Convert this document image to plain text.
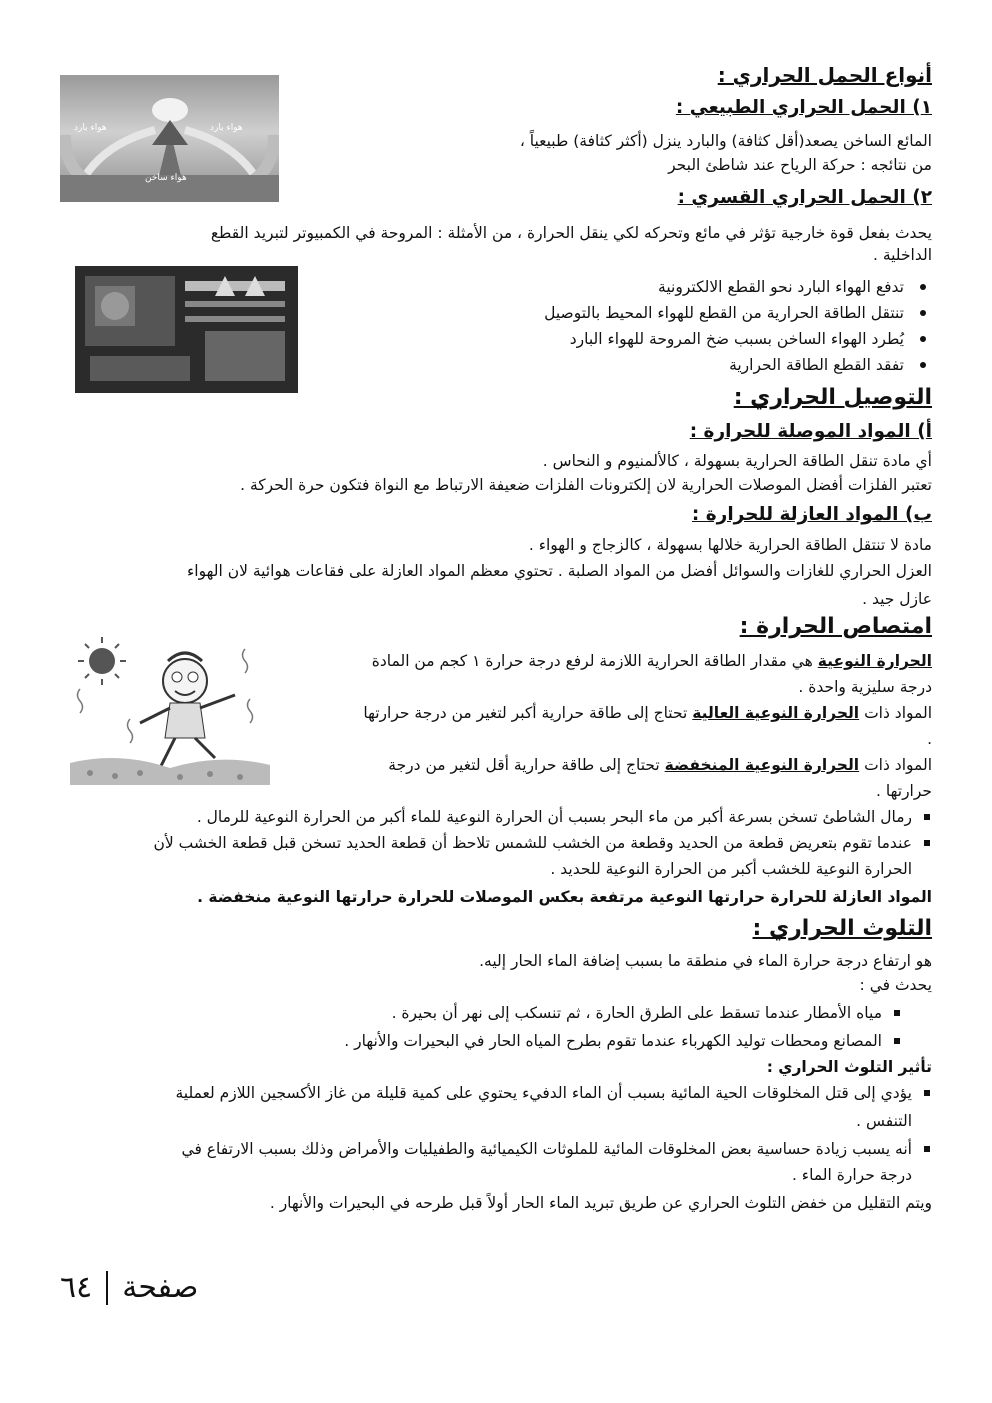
أنواع الحمل الحراري :
١) الحمل الحراري الطبيعي :
المائع الساخن يصعد(أقل كثافة) والبارد ينزل (أكثر كثافة) طبيعياً ،
من نتائجه : حركة الرياح عند شاطئ البحر
هواء بارد	هواء بارد
هواء ساخن
٢) الحمل الحراري القسري :
يحدث بفعل قوة خارجية تؤثر في مائع وتحركه لكي ينقل الحرارة ، من الأمثلة : المروحة في الكمبيوتر لتبريد القطع
الداخلية .
تدفع الهواء البارد نحو القطع الالكترونية
تنتقل الطاقة الحرارية من القطع للهواء المحيط بالتوصيل
يُطرد الهواء الساخن بسبب ضخ المروحة للهواء البارد
تفقد القطع الطاقة الحرارية
التوصيل الحراري :
أ) المواد الموصلة للحرارة :
أي مادة تنقل الطاقة الحرارية بسهولة ، كالألمنيوم و النحاس .
تعتبر الفلزات أفضل الموصلات الحرارية لان إلكترونات الفلزات ضعيفة الارتباط مع النواة فتكون حرة الحركة .
ب) المواد العازلة للحرارة :
مادة لا تنتقل الطاقة الحرارية خلالها بسهولة ، كالزجاج و الهواء .
العزل الحراري للغازات والسوائل أفضل من المواد الصلبة . تحتوي معظم المواد العازلة على فقاعات هوائية لان الهواء
عازل جيد .
امتصاص الحرارة :
الحرارة النوعية هي مقدار الطاقة الحرارية اللازمة لرفع درجة حرارة ١ كجم من المادة
درجة سليزية واحدة .
المواد ذات الحرارة النوعية العالية تحتاج إلى طاقة حرارية أكبر لتغير من درجة حرارتها
.
المواد ذات الحرارة النوعية المنخفضة تحتاج إلى طاقة حرارية أقل لتغير من درجة
حرارتها .
رمال الشاطئ تسخن بسرعة أكبر من ماء البحر بسبب أن الحرارة النوعية للماء أكبر من الحرارة النوعية للرمال .
عندما تقوم بتعريض قطعة من الحديد وقطعة من الخشب للشمس تلاحظ أن قطعة الحديد تسخن قبل قطعة الخشب لأن
الحرارة النوعية للخشب أكبر من الحرارة النوعية للحديد .
المواد العازلة للحرارة حرارتها النوعية مرتفعة بعكس الموصلات للحرارة حرارتها النوعية منخفضة .
التلوث الحراري :
هو ارتفاع درجة حرارة الماء في منطقة ما بسبب إضافة الماء الحار إليه.
يحدث في :
مياه الأمطار عندما تسقط على الطرق الحارة ، ثم تنسكب إلى نهر أن بحيرة .
المصانع ومحطات توليد الكهرباء عندما تقوم بطرح المياه الحار في البحيرات والأنهار .
تأثير التلوث الحراري :
يؤدي إلى قتل المخلوقات الحية المائية بسبب أن الماء الدفيء يحتوي على كمية قليلة من غاز الأكسجين اللازم لعملية
التنفس .
أنه يسبب زيادة حساسية بعض المخلوقات المائية للملوثات الكيميائية والطفيليات والأمراض وذلك بسبب الارتفاع في
درجة حرارة الماء .
ويتم التقليل من خفض التلوث الحراري عن طريق تبريد الماء الحار أولاً قبل طرحه في البحيرات والأنهار .
صفحة
٦٤
